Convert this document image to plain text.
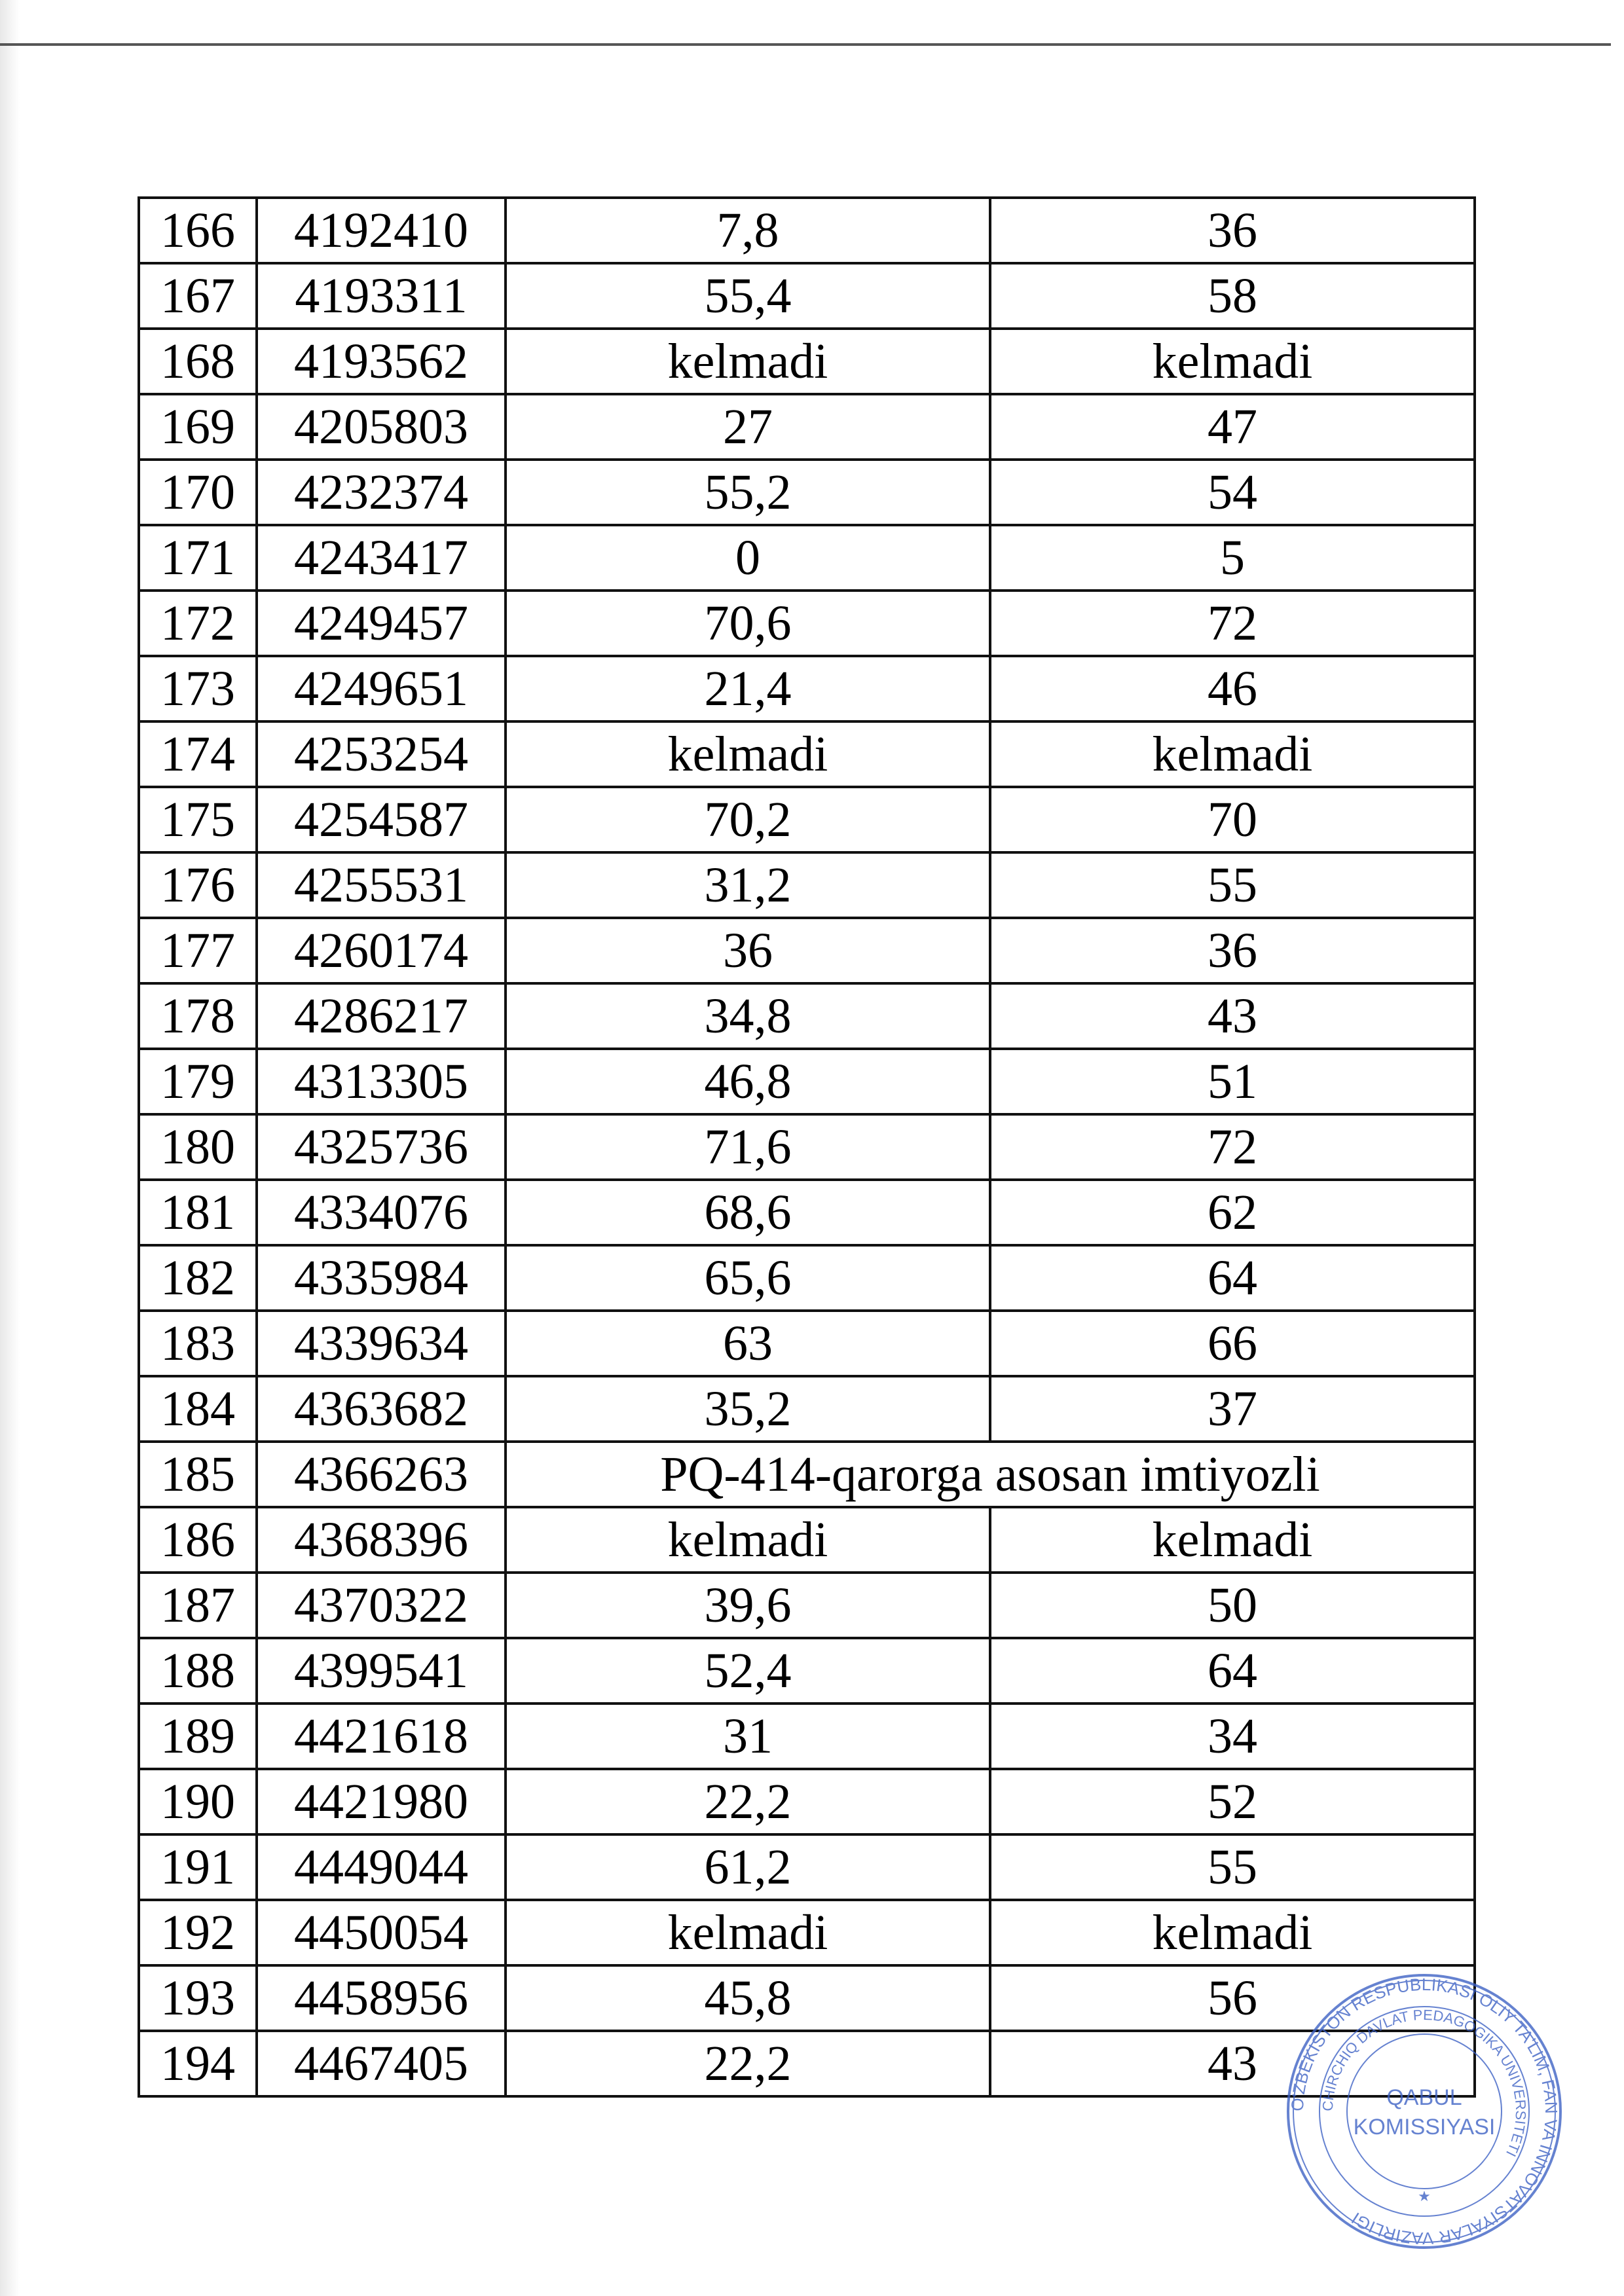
166	4192410	7,8	36
167	4193311	55,4	58
168	4193562	kelmadi	kelmadi
169	4205803	27	47
170	4232374	55,2	54
171	4243417	0	5
172	4249457	70,6	72
173	4249651	21,4	46
174	4253254	kelmadi	kelmadi
175	4254587	70,2	70
176	4255531	31,2	55
177	4260174	36	36
178	4286217	34,8	43
179	4313305	46,8	51
180	4325736	71,6	72
181	4334076	68,6	62
182	4335984	65,6	64
183	4339634	63	66
184	4363682	35,2	37
185	4366263	PQ-414-qarorga asosan imtiyozli	
186	4368396	kelmadi	kelmadi
187	4370322	39,6	50
188	4399541	52,4	64
189	4421618	31	34
190	4421980	22,2	52
191	4449044	61,2	55
192	4450054	kelmadi	kelmadi
193	4458956	45,8	56
194	4467405	22,2	43
O'ZBEKISTON RESPUBLIKASI OLIY TA'LIM, FAN VA INNOVATSIYALAR VAZIRLIGI
CHIRCHIQ DAVLAT PEDAGOGIKA UNIVERSITETI
QABUL
KOMISSIYASI
★
